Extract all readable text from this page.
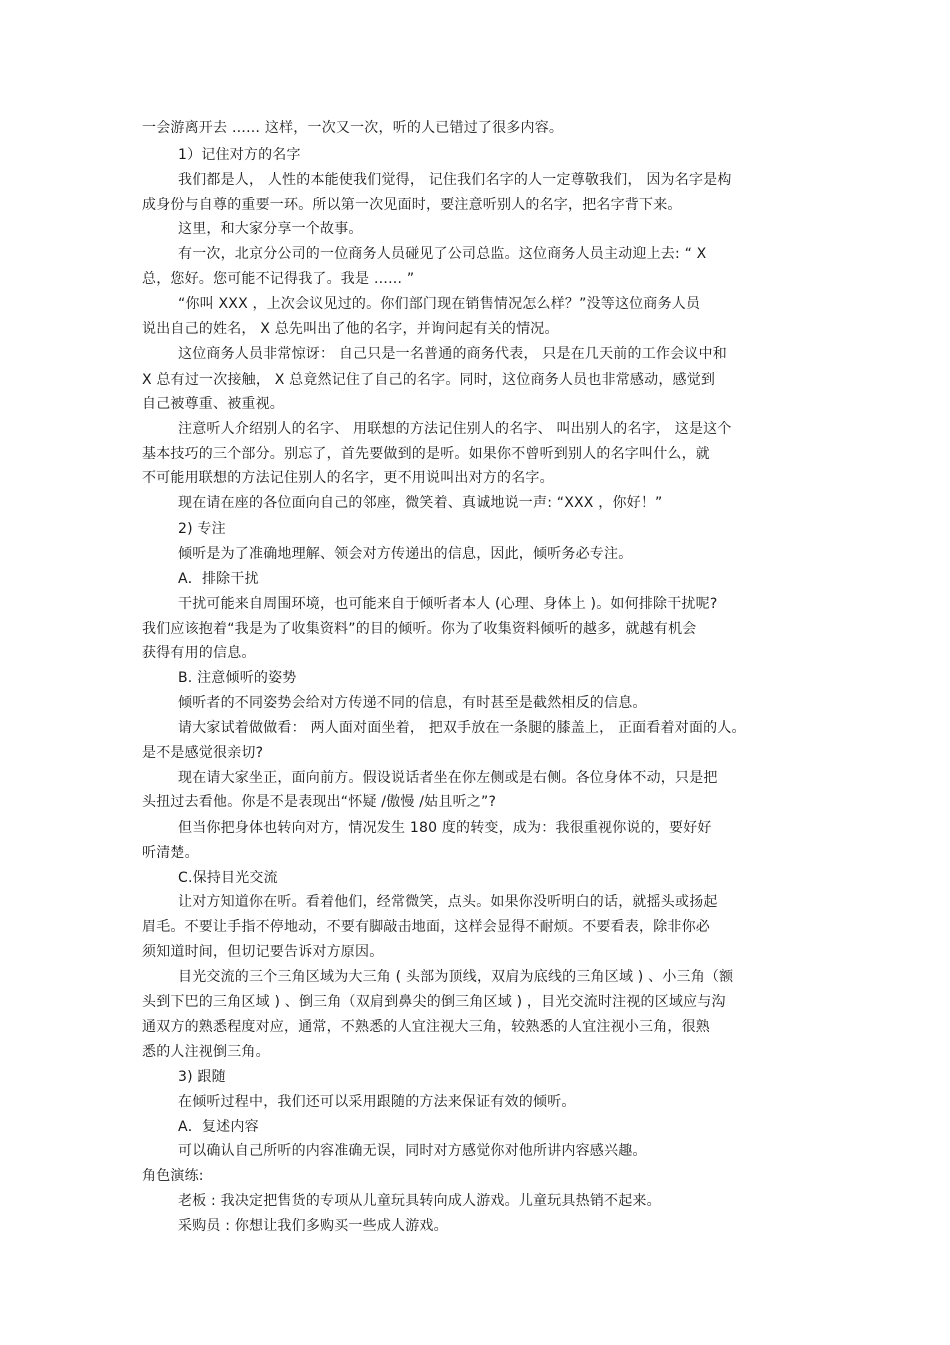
一会游离开去 …… 这样，一次又一次，听的人已错过了很多内容。

1）记住对方的名字

我们都是人， 人性的本能使我们觉得， 记住我们名字的人一定尊敬我们， 因为名字是构

成身份与自尊的重要一环。所以第一次见面时，要注意听别人的名字，把名字背下来。

这里，和大家分享一个故事。

有一次，北京分公司的一位商务人员碰见了公司总监。这位商务人员主动迎上去: “ X

总，您好。您可能不记得我了。我是 …… ”

“你叫 XXX ，上次会议见过的。你们部门现在销售情况怎么样？”没等这位商务人员

说出自己的姓名， X 总先叫出了他的名字，并询问起有关的情况。

这位商务人员非常惊讶： 自己只是一名普通的商务代表， 只是在几天前的工作会议中和

X 总有过一次接触， X 总竟然记住了自己的名字。同时，这位商务人员也非常感动，感觉到

自己被尊重、被重视。

注意听人介绍别人的名字、 用联想的方法记住别人的名字、 叫出别人的名字， 这是这个

基本技巧的三个部分。别忘了，首先要做到的是听。如果你不曾听到别人的名字叫什么，就

不可能用联想的方法记住别人的名字，更不用说叫出对方的名字。

现在请在座的各位面向自己的邻座，微笑着、真诚地说一声: “XXX ，你好！”

2) 专注

倾听是为了准确地理解、领会对方传递出的信息，因此，倾听务必专注。

A．排除干扰

干扰可能来自周围环境，也可能来自于倾听者本人 (心理、身体上 )。如何排除干扰呢?

我们应该抱着“我是为了收集资料”的目的倾听。你为了收集资料倾听的越多，就越有机会

获得有用的信息。

B. 注意倾听的姿势

倾听者的不同姿势会给对方传递不同的信息，有时甚至是截然相反的信息。

请大家试着做做看： 两人面对面坐着， 把双手放在一条腿的膝盖上， 正面看着对面的人。

是不是感觉很亲切?

现在请大家坐正，面向前方。假设说话者坐在你左侧或是右侧。各位身体不动，只是把

头扭过去看他。你是不是表现出“怀疑 /傲慢 /姑且听之”?

但当你把身体也转向对方，情况发生 180 度的转变，成为：我很重视你说的，要好好

听清楚。

C.保持目光交流

让对方知道你在听。看着他们，经常微笑，点头。如果你没听明白的话，就摇头或扬起

眉毛。不要让手指不停地动，不要有脚敲击地面，这样会显得不耐烦。不要看表，除非你必

须知道时间，但切记要告诉对方原因。

目光交流的三个三角区域为大三角 ( 头部为顶线，双肩为底线的三角区域 ) 、小三角（额

头到下巴的三角区域 ) 、倒三角（双肩到鼻尖的倒三角区域 ) ，目光交流时注视的区域应与沟

通双方的熟悉程度对应，通常，不熟悉的人宜注视大三角，较熟悉的人宜注视小三角，很熟

悉的人注视倒三角。

3) 跟随

在倾听过程中，我们还可以采用跟随的方法来保证有效的倾听。

A．复述内容

可以确认自己所听的内容准确无误，同时对方感觉你对他所讲内容感兴趣。

角色演练:

老板 : 我决定把售货的专项从儿童玩具转向成人游戏。儿童玩具热销不起来。

采购员 : 你想让我们多购买一些成人游戏。
